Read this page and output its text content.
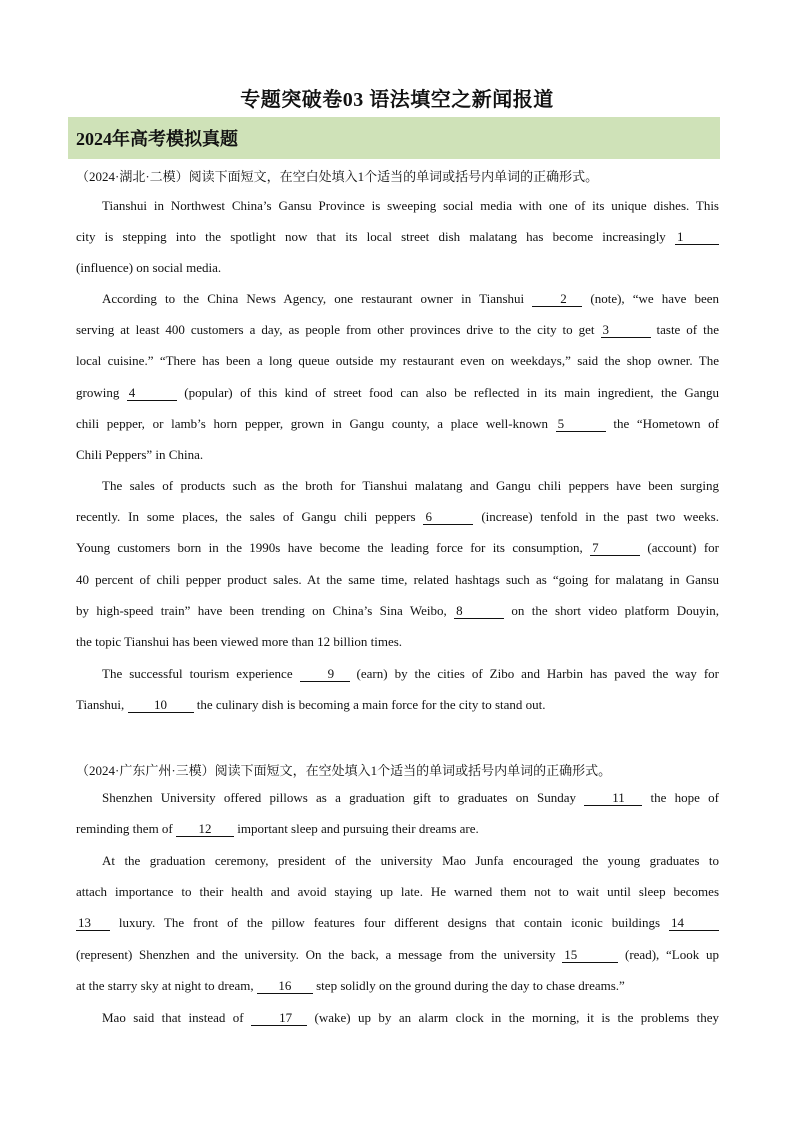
专题突破卷03 语法填空之新闻报道
2024年高考模拟真题
（2024·湖北·二模）阅读下面短文，在空白处填入1个适当的单词或括号内单词的正确形式。
Tianshui in Northwest China’s Gansu Province is sweeping social media with one of its unique dishes. This
city is stepping into the spotlight now that its local street dish malatang has become increasingly 1
(influence) on social media.
According to the China News Agency, one restaurant owner in Tianshui 2 (note), “we have been
serving at least 400 customers a day, as people from other provinces drive to the city to get 3	taste of the
local cuisine.” “There has been a long queue outside my restaurant even on weekdays,” said the shop owner. The
growing 4	(popular) of this kind of street food can also be reflected in its main ingredient, the Gangu
chili pepper, or lamb’s horn pepper, grown in Gangu county, a place well-known 5	the “Hometown of
Chili Peppers” in China.
The sales of products such as the broth for Tianshui malatang and Gangu chili peppers have been surging
recently. In some places, the sales of Gangu chili peppers 6	(increase) tenfold in the past two weeks.
Young customers born in the 1990s have become the leading force for its consumption, 7	(account) for
40 percent of chili pepper product sales. At the same time, related hashtags such as “going for malatang in Gansu
by high-speed train” have been trending on China’s Sina Weibo, 8	on the short video platform Douyin,
the topic Tianshui has been viewed more than 12 billion times.
The successful tourism experience 9 (earn) by the cities of Zibo and Harbin has paved the way for
Tianshui, 10 the culinary dish is becoming a main force for the city to stand out.
（2024·广东广州·三模）阅读下面短文，在空处填入1个适当的单词或括号内单词的正确形式。
Shenzhen University offered pillows as a graduation gift to graduates on Sunday 11 the hope of
reminding them of 12 important sleep and pursuing their dreams are.
At the graduation ceremony, president of the university Mao Junfa encouraged the young graduates to
attach importance to their health and avoid staying up late. He warned them not to wait until sleep becomes
13 luxury. The front of the pillow features four different designs that contain iconic buildings 14
(represent) Shenzhen and the university. On the back, a message from the university 15	(read), “Look up
at the starry sky at night to dream, 16 step solidly on the ground during the day to chase dreams.”
Mao said that instead of 17 (wake) up by an alarm clock in the morning, it is the problems they
